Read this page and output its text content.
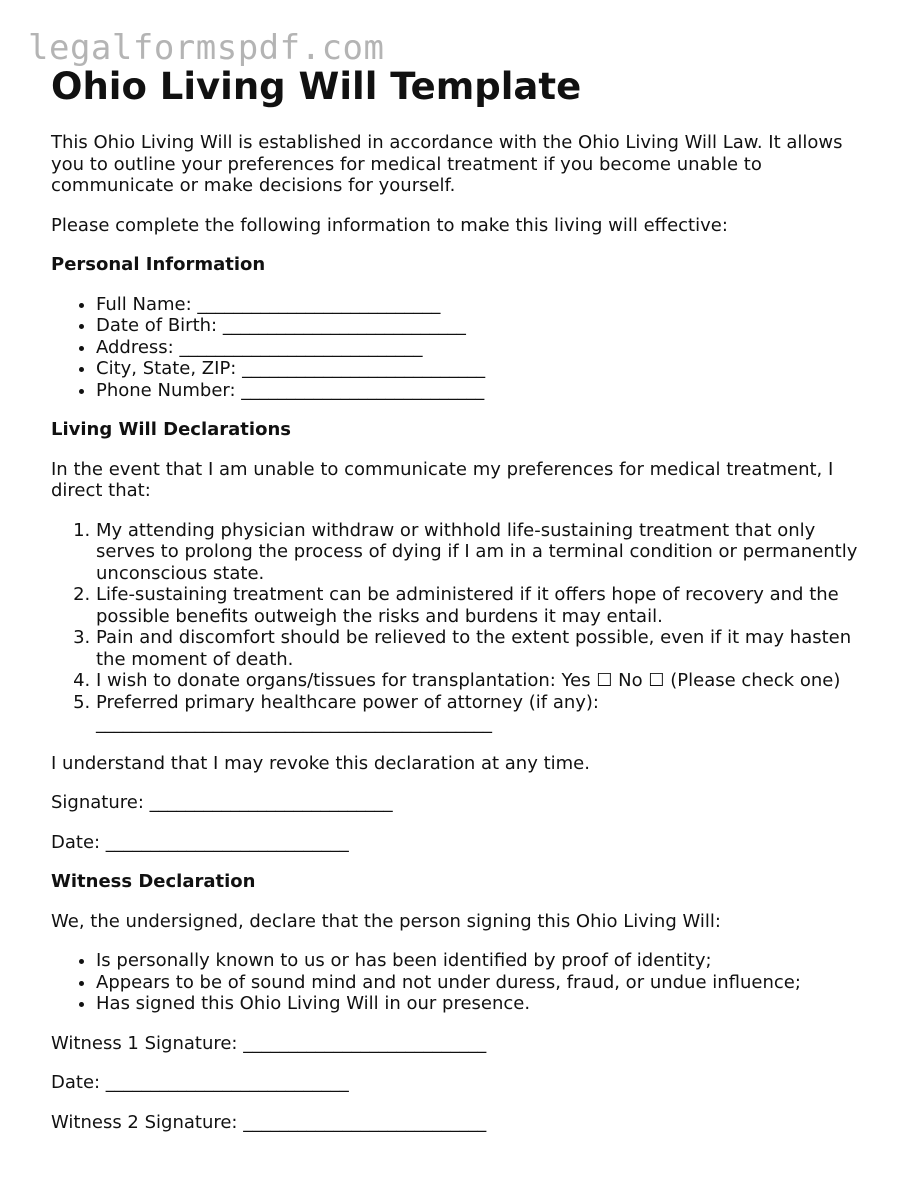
legalformspdf.com
Ohio Living Will Template

This Ohio Living Will is established in accordance with the Ohio Living Will Law. It allows you to outline your preferences for medical treatment if you become unable to communicate or make decisions for yourself.

Please complete the following information to make this living will effective:

Personal Information
• Full Name: ___________________________
• Date of Birth: ___________________________
• Address: ___________________________
• City, State, ZIP: ___________________________
• Phone Number: ___________________________
Living Will Declarations

In the event that I am unable to communicate my preferences for medical treatment, I direct that:

1. My attending physician withdraw or withhold life-sustaining treatment that only serves to prolong the process of dying if I am in a terminal condition or permanently unconscious state.
2. Life-sustaining treatment can be administered if it offers hope of recovery and the possible benefits outweigh the risks and burdens it may entail.
3. Pain and discomfort should be relieved to the extent possible, even if it may hasten the moment of death.
4. I wish to donate organs/tissues for transplantation: Yes ☐ No ☐ (Please check one)
5. Preferred primary healthcare power of attorney (if any): ____________________________________________

I understand that I may revoke this declaration at any time.

Signature: ___________________________

Date: ___________________________

Witness Declaration

We, the undersigned, declare that the person signing this Ohio Living Will:

• Is personally known to us or has been identified by proof of identity;
• Appears to be of sound mind and not under duress, fraud, or undue influence;
• Has signed this Ohio Living Will in our presence.

Witness 1 Signature: ___________________________

Date: ___________________________

Witness 2 Signature: ___________________________
